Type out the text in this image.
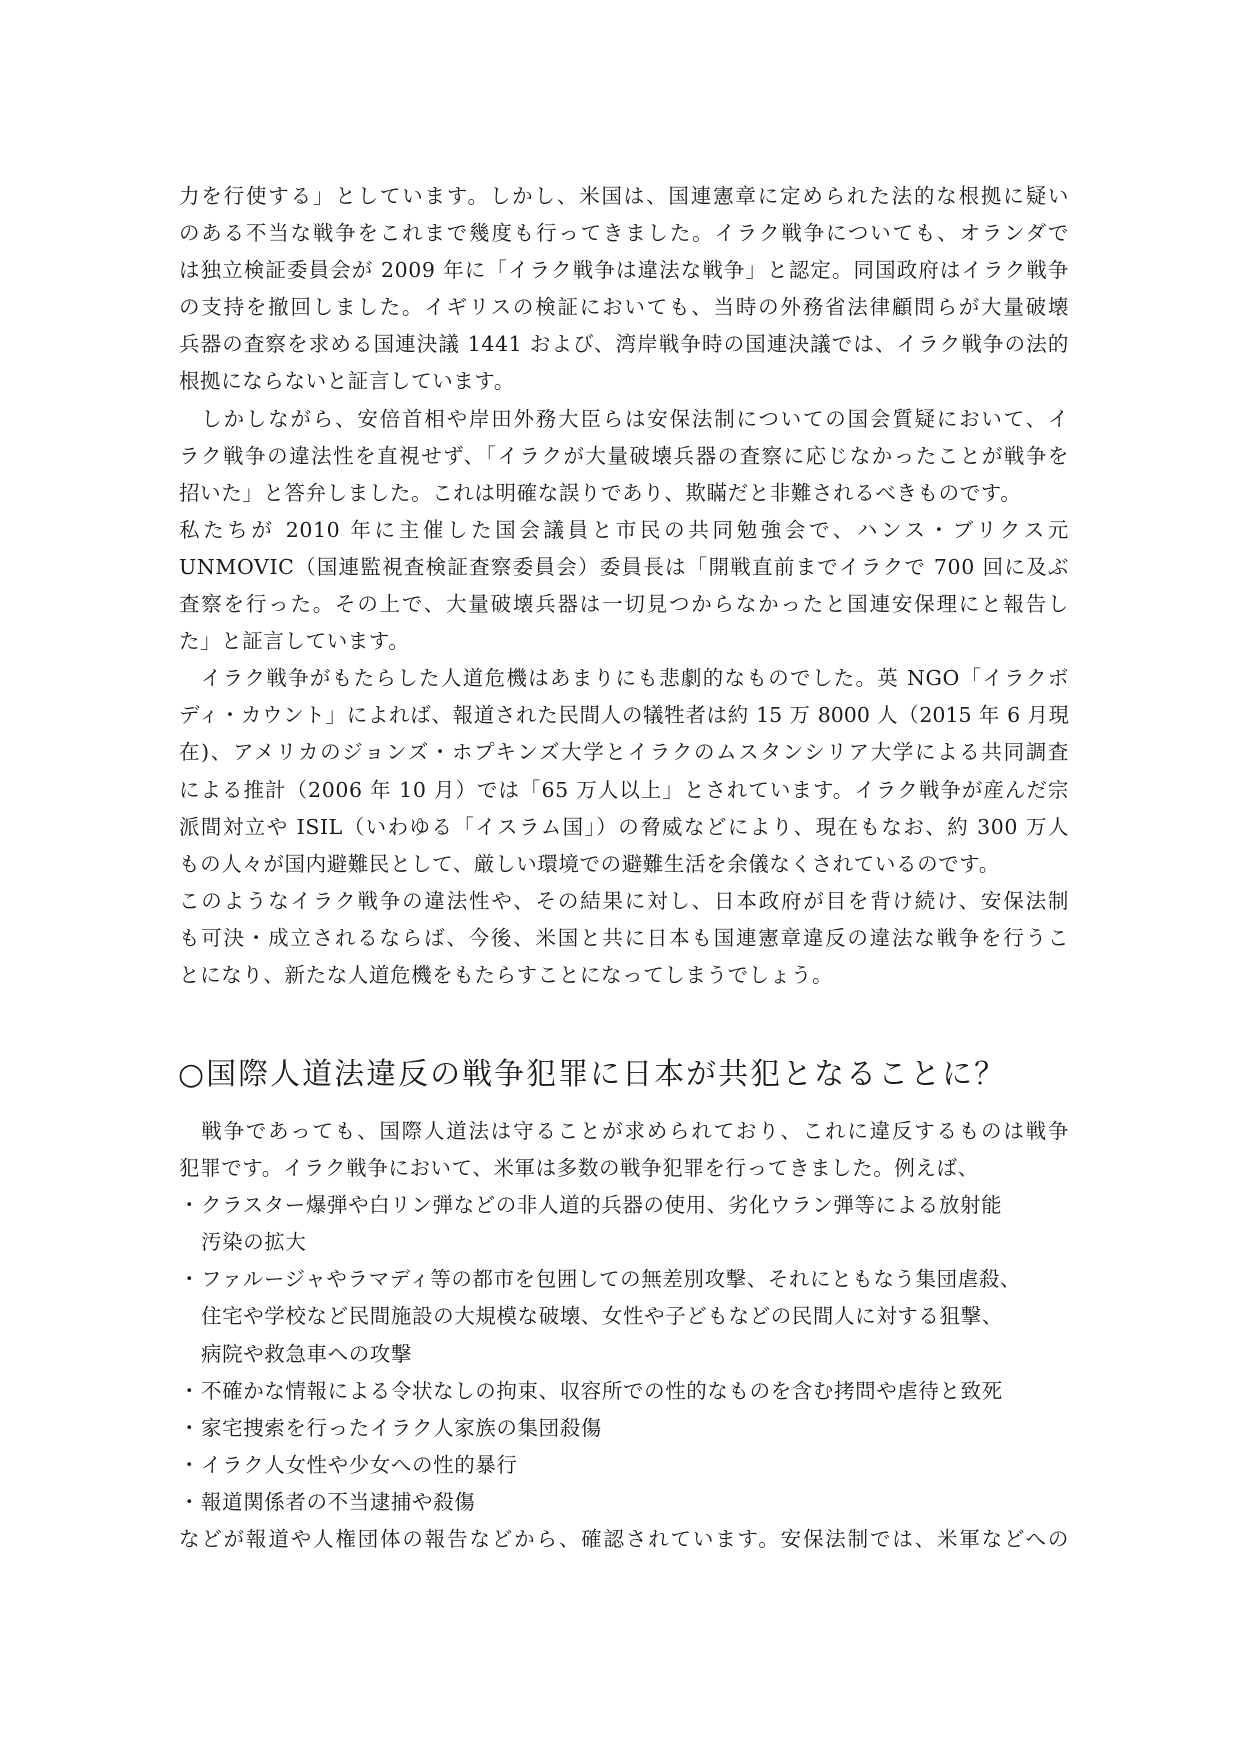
力を行使する」としています。しかし、米国は、国連憲章に定められた法的な根拠に疑い
のある不当な戦争をこれまで幾度も行ってきました。イラク戦争についても、オランダで
は独立検証委員会が 2009 年に「イラク戦争は違法な戦争」と認定。同国政府はイラク戦争
の支持を撤回しました。イギリスの検証においても、当時の外務省法律顧問らが大量破壊
兵器の査察を求める国連決議 1441 および、湾岸戦争時の国連決議では、イラク戦争の法的
根拠にならないと証言しています。

　しかしながら、安倍首相や岸田外務大臣らは安保法制についての国会質疑において、イ
ラク戦争の違法性を直視せず、「イラクが大量破壊兵器の査察に応じなかったことが戦争を
招いた」と答弁しました。これは明確な誤りであり、欺瞞だと非難されるべきものです。
私たちが 2010 年に主催した国会議員と市民の共同勉強会で、ハンス・ブリクス元
UNMOVIC（国連監視査検証査察委員会）委員長は「開戦直前までイラクで 700 回に及ぶ
査察を行った。その上で、大量破壊兵器は一切見つからなかったと国連安保理にと報告し
た」と証言しています。

　イラク戦争がもたらした人道危機はあまりにも悲劇的なものでした。英 NGO「イラクボ
ディ・カウント」によれば、報道された民間人の犠牲者は約 15 万 8000 人（2015 年 6 月現
在)、アメリカのジョンズ・ホプキンズ大学とイラクのムスタンシリア大学による共同調査
による推計（2006 年 10 月）では「65 万人以上」とされています。イラク戦争が産んだ宗
派間対立や ISIL（いわゆる「イスラム国」）の脅威などにより、現在もなお、約 300 万人
もの人々が国内避難民として、厳しい環境での避難生活を余儀なくされているのです。

このようなイラク戦争の違法性や、その結果に対し、日本政府が目を背け続け、安保法制
も可決・成立されるならば、今後、米国と共に日本も国連憲章違反の違法な戦争を行うこ
とになり、新たな人道危機をもたらすことになってしまうでしょう。

○国際人道法違反の戦争犯罪に日本が共犯となることに？

　戦争であっても、国際人道法は守ることが求められており、これに違反するものは戦争
犯罪です。イラク戦争において、米軍は多数の戦争犯罪を行ってきました。例えば、

・ クラスター爆弾や白リン弾などの非人道的兵器の使用、劣化ウラン弾等による放射能
汚染の拡大
・ ファルージャやラマディ等の都市を包囲しての無差別攻撃、それにともなう集団虐殺、
住宅や学校など民間施設の大規模な破壊、女性や子どもなどの民間人に対する狙撃、
病院や救急車への攻撃
・ 不確かな情報による令状なしの拘束、収容所での性的なものを含む拷問や虐待と致死
・ 家宅捜索を行ったイラク人家族の集団殺傷
・ イラク人女性や少女への性的暴行
・ 報道関係者の不当逮捕や殺傷

などが報道や人権団体の報告などから、確認されています。安保法制では、米軍などへの
